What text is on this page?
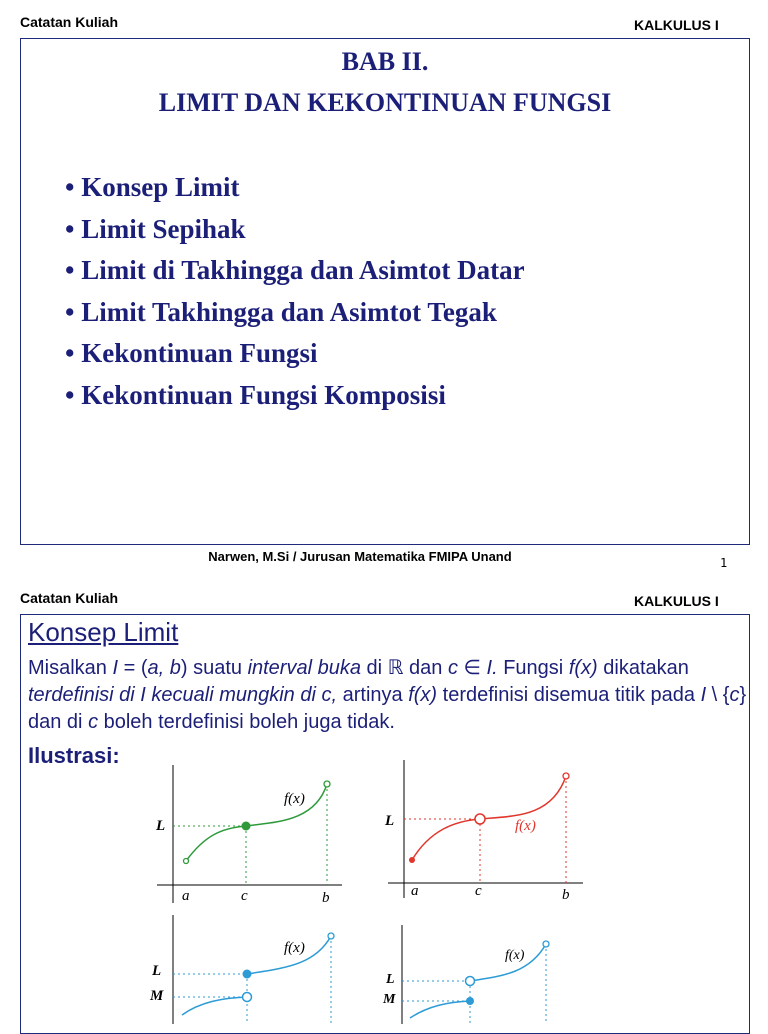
Catatan Kuliah	KALKULUS I
BAB II.
LIMIT DAN KEKONTINUAN FUNGSI
• Konsep Limit
• Limit Sepihak
• Limit di Takhingga dan Asimtot Datar
• Limit Takhingga dan Asimtot Tegak
• Kekontinuan Fungsi
• Kekontinuan Fungsi Komposisi
Narwen, M.Si / Jurusan Matematika FMIPA Unand	1
Catatan Kuliah	KALKULUS I
Konsep Limit

Misalkan I = (a, b) suatu interval buka di ℝ dan c ∈ I. Fungsi f(x) dikatakan terdefinisi di I kecuali mungkin di c, artinya f(x) terdefinisi disemua titik pada I \ {c} dan di c boleh terdefinisi boleh juga tidak.

Ilustrasi:
L
a	c	b
f(x)
L
a	c	b
f(x)
L
M
f(x)
L
M
f(x)
